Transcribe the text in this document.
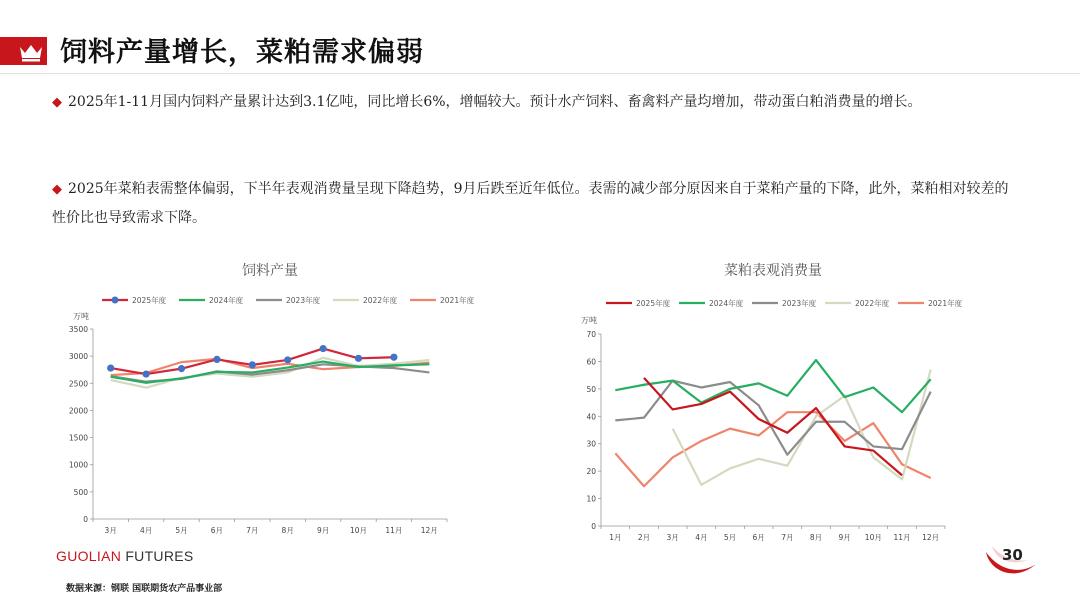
饲料产量增长，菜粕需求偏弱
◆ 2025年1-11月国内饲料产量累计达到3.1亿吨，同比增长6%，增幅较大。预计水产饲料、畜禽料产量均增加，带动蛋白粕消费量的增长。
◆ 2025年菜粕表需整体偏弱，下半年表观消费量呈现下降趋势，9月后跌至近年低位。表需的减少部分原因来自于菜粕产量的下降，此外，菜粕相对较差的性价比也导致需求下降。
饲料产量
2025年度	2024年度	2023年度	2022年度	2021年度
万吨
0
500
1000
1500
2000
2500
3000
3500
3月	4月	5月	6月	7月	8月	9月	10月 11月 12月
菜粕表观消费量
2025年度	2024年度	2023年度	2022年度	2021年度
万吨
0
10
20
30
40
50
60
70
1月 2月 3月 4月 5月 6月 7月 8月 9月 10月 11月 12月
GUOLIAN FUTURES
数据来源：钢联 国联期货农产品事业部
30
